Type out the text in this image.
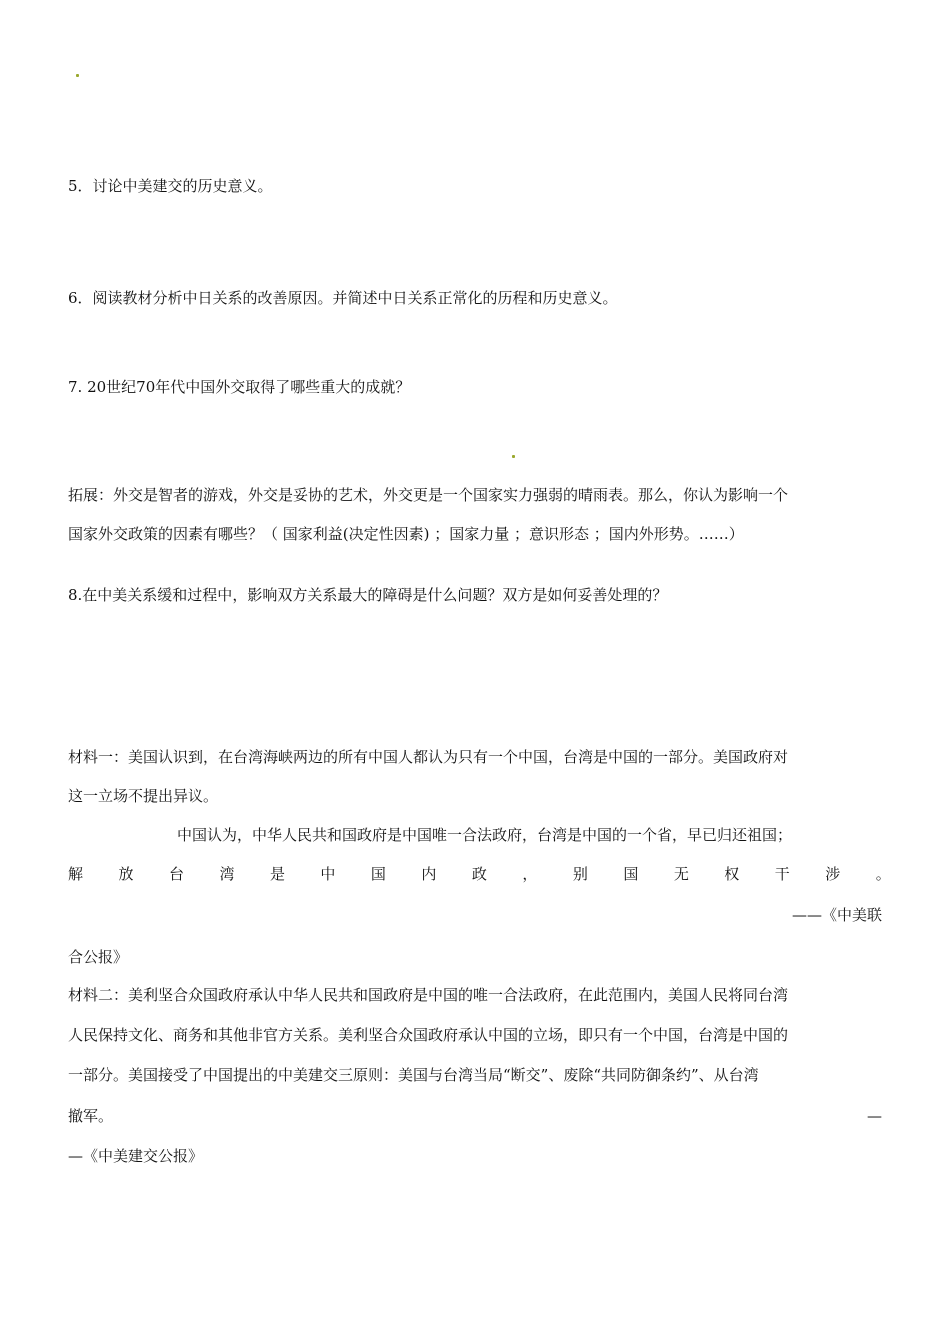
5．讨论中美建交的历史意义。
6．阅读教材分析中日关系的改善原因。并简述中日关系正常化的历程和历史意义。
7. 20世纪70年代中国外交取得了哪些重大的成就？
拓展：外交是智者的游戏，外交是妥协的艺术，外交更是一个国家实力强弱的晴雨表。那么，你认为影响一个
国家外交政策的因素有哪些？（ 国家利益(决定性因素) ；国家力量 ；意识形态 ；国内外形势。……）
8.在中美关系缓和过程中，影响双方关系最大的障碍是什么问题？双方是如何妥善处理的？
材料一：美国认识到，在台湾海峡两边的所有中国人都认为只有一个中国，台湾是中国的一部分。美国政府对
这一立场不提出异议。
中国认为，中华人民共和国政府是中国唯一合法政府，台湾是中国的一个省，早已归还祖国；
解 放 台 湾 是 中 国 内 政 ， 别 国 无 权 干 涉 。
——《中美联
合公报》
材料二：美利坚合众国政府承认中华人民共和国政府是中国的唯一合法政府，在此范围内，美国人民将同台湾
人民保持文化、商务和其他非官方关系。美利坚合众国政府承认中国的立场，即只有一个中国，台湾是中国的
一部分。美国接受了中国提出的中美建交三原则：美国与台湾当局“断交”、废除“共同防御条约”、从台湾
撤军。	—
—《中美建交公报》
